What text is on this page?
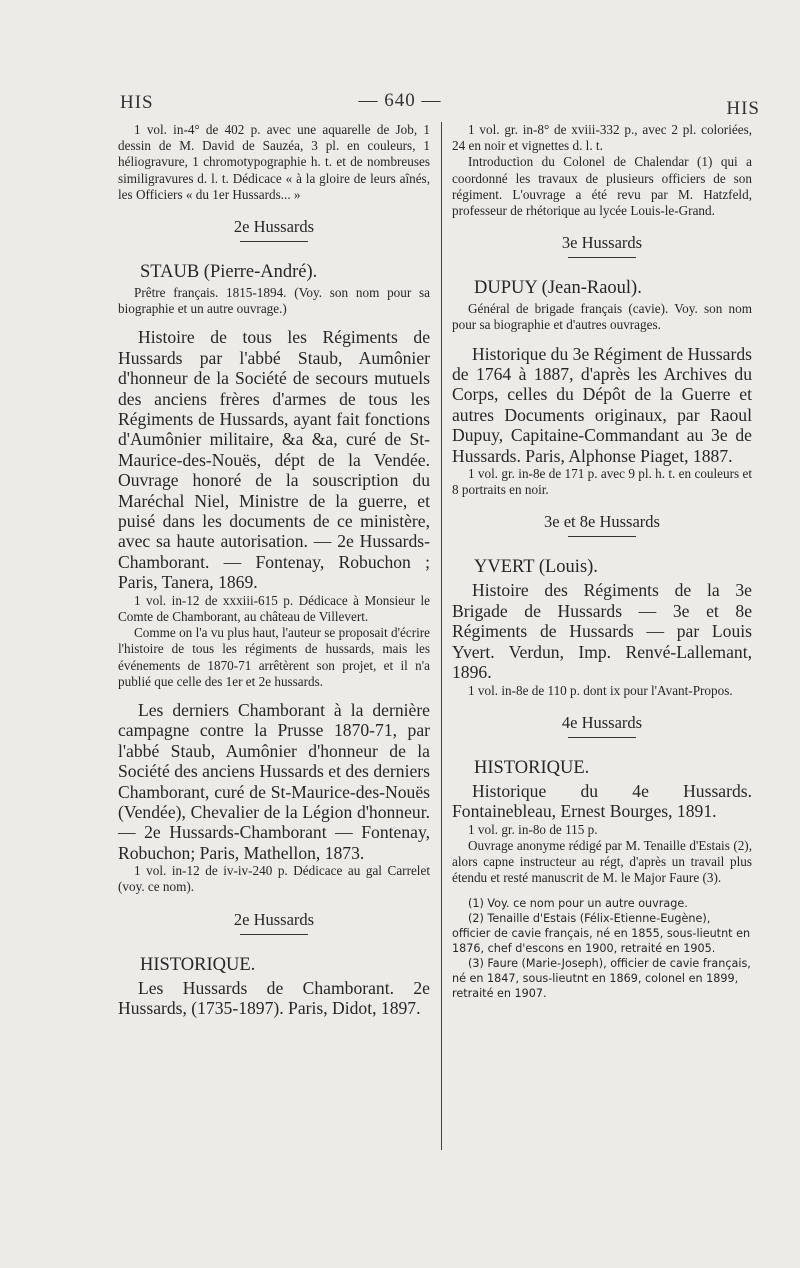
HIS	— 640 —	HIS

1 vol. in-4° de 402 p. avec une aquarelle de Job, 1 dessin de M. David de Sauzéa, 3 pl. en couleurs, 1 héliogravure, 1 chromotypographie h. t. et de nombreuses similigravures d. l. t. Dédicace « à la gloire de leurs aînés, les Officiers « du 1er Hussards... »

2e Hussards
STAUB (Pierre-André).

Prêtre français. 1815-1894. (Voy. son nom pour sa biographie et un autre ouvrage.)

Histoire de tous les Régiments de Hussards par l'abbé Staub, Aumônier d'honneur de la Société de secours mutuels des anciens frères d'armes de tous les Régiments de Hussards, ayant fait fonctions d'Aumônier militaire, &a &a, curé de St-Maurice-des-Nouës, dépt de la Vendée. Ouvrage honoré de la souscription du Maréchal Niel, Ministre de la guerre, et puisé dans les documents de ce ministère, avec sa haute autorisation. — 2e Hussards-Chamborant. — Fontenay, Robuchon ; Paris, Tanera, 1869.

1 vol. in-12 de xxxiii-615 p. Dédicace à Monsieur le Comte de Chamborant, au château de Villevert.

Comme on l'a vu plus haut, l'auteur se proposait d'écrire l'histoire de tous les régiments de hussards, mais les événements de 1870-71 arrêtèrent son projet, et il n'a publié que celle des 1er et 2e hussards.

Les derniers Chamborant à la dernière campagne contre la Prusse 1870-71, par l'abbé Staub, Aumônier d'honneur de la Société des anciens Hussards et des derniers Chamborant, curé de St-Maurice-des-Nouës (Vendée), Chevalier de la Légion d'honneur. — 2e Hussards-Chamborant — Fontenay, Robuchon; Paris, Mathellon, 1873.

1 vol. in-12 de iv-iv-240 p. Dédicace au gal Carrelet (voy. ce nom).

2e Hussards
HISTORIQUE.

Les Hussards de Chamborant. 2e Hussards, (1735-1897). Paris, Didot, 1897.

1 vol. gr. in-8° de xviii-332 p., avec 2 pl. coloriées, 24 en noir et vignettes d. l. t.

Introduction du Colonel de Chalendar (1) qui a coordonné les travaux de plusieurs officiers de son régiment. L'ouvrage a été revu par M. Hatzfeld, professeur de rhétorique au lycée Louis-le-Grand.

3e Hussards
DUPUY (Jean-Raoul).

Général de brigade français (cavie). Voy. son nom pour sa biographie et d'autres ouvrages.

Historique du 3e Régiment de Hussards de 1764 à 1887, d'après les Archives du Corps, celles du Dépôt de la Guerre et autres Documents originaux, par Raoul Dupuy, Capitaine-Commandant au 3e de Hussards. Paris, Alphonse Piaget, 1887.

1 vol. gr. in-8e de 171 p. avec 9 pl. h. t. en couleurs et 8 portraits en noir.

3e et 8e Hussards
YVERT (Louis).

Histoire des Régiments de la 3e Brigade de Hussards — 3e et 8e Régiments de Hussards — par Louis Yvert. Verdun, Imp. Renvé-Lallemant, 1896.

1 vol. in-8e de 110 p. dont ix pour l'Avant-Propos.

4e Hussards
HISTORIQUE.

Historique du 4e Hussards. Fontainebleau, Ernest Bourges, 1891.

1 vol. gr. in-8o de 115 p.

Ouvrage anonyme rédigé par M. Tenaille d'Estais (2), alors capne instructeur au régt, d'après un travail plus étendu et resté manuscrit de M. le Major Faure (3).

(1) Voy. ce nom pour un autre ouvrage.

(2) Tenaille d'Estais (Félix-Etienne-Eugène), officier de cavie français, né en 1855, sous-lieutnt en 1876, chef d'escons en 1900, retraité en 1905.

(3) Faure (Marie-Joseph), officier de cavie français, né en 1847, sous-lieutnt en 1869, colonel en 1899, retraité en 1907.
